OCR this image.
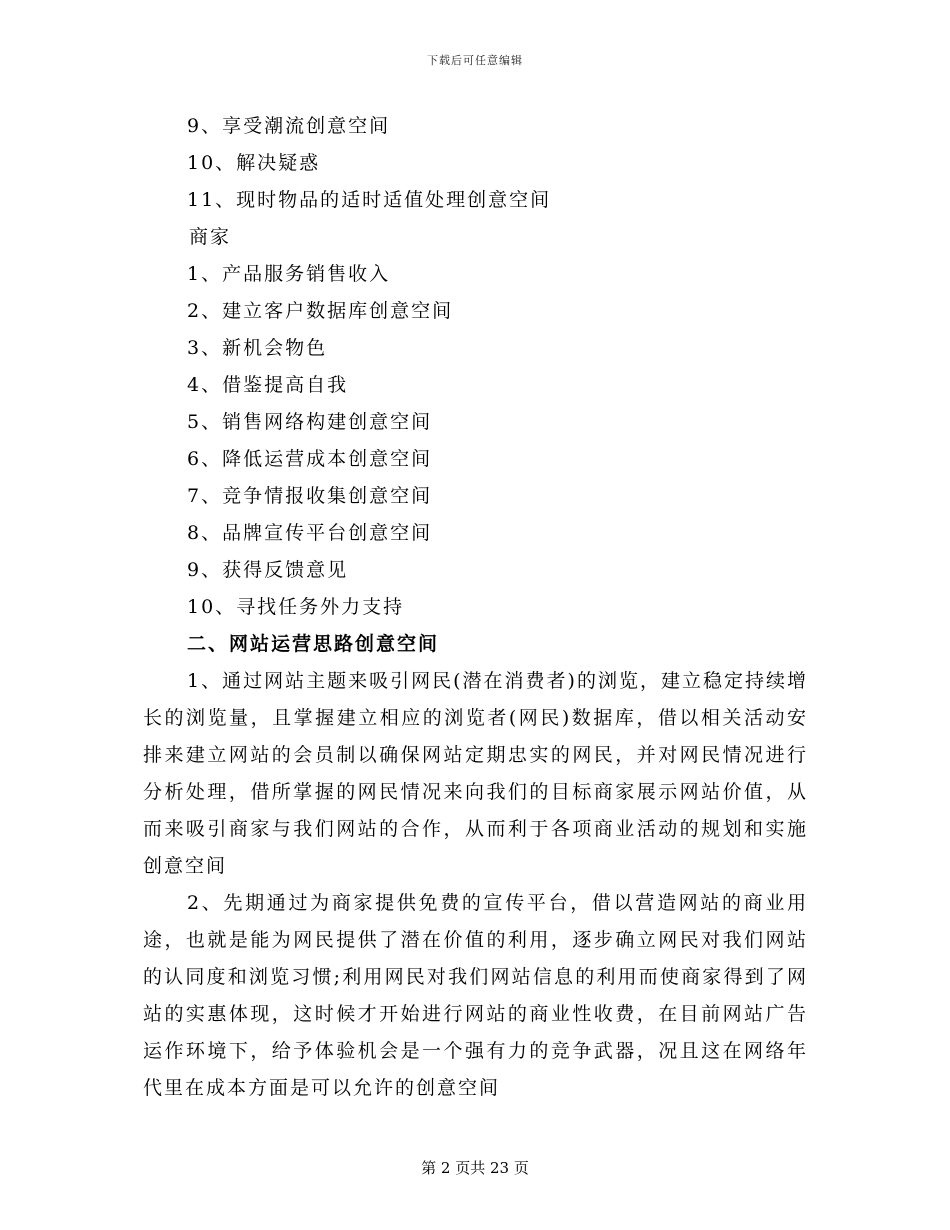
下载后可任意编辑
9、享受潮流创意空间
10、解决疑惑
11、现时物品的适时适值处理创意空间
商家
1、产品服务销售收入
2、建立客户数据库创意空间
3、新机会物色
4、借鉴提高自我
5、销售网络构建创意空间
6、降低运营成本创意空间
7、竞争情报收集创意空间
8、品牌宣传平台创意空间
9、获得反馈意见
10、寻找任务外力支持
二、网站运营思路创意空间

1、通过网站主题来吸引网民(潜在消费者)的浏览，建立稳定持续增长的浏览量，且掌握建立相应的浏览者(网民)数据库，借以相关活动安排来建立网站的会员制以确保网站定期忠实的网民，并对网民情况进行分析处理，借所掌握的网民情况来向我们的目标商家展示网站价值，从而来吸引商家与我们网站的合作，从而利于各项商业活动的规划和实施创意空间

2、先期通过为商家提供免费的宣传平台，借以营造网站的商业用途，也就是能为网民提供了潜在价值的利用，逐步确立网民对我们网站的认同度和浏览习惯;利用网民对我们网站信息的利用而使商家得到了网站的实惠体现，这时候才开始进行网站的商业性收费，在目前网站广告运作环境下，给予体验机会是一个强有力的竞争武器，况且这在网络年代里在成本方面是可以允许的创意空间

第 2 页共 23 页
